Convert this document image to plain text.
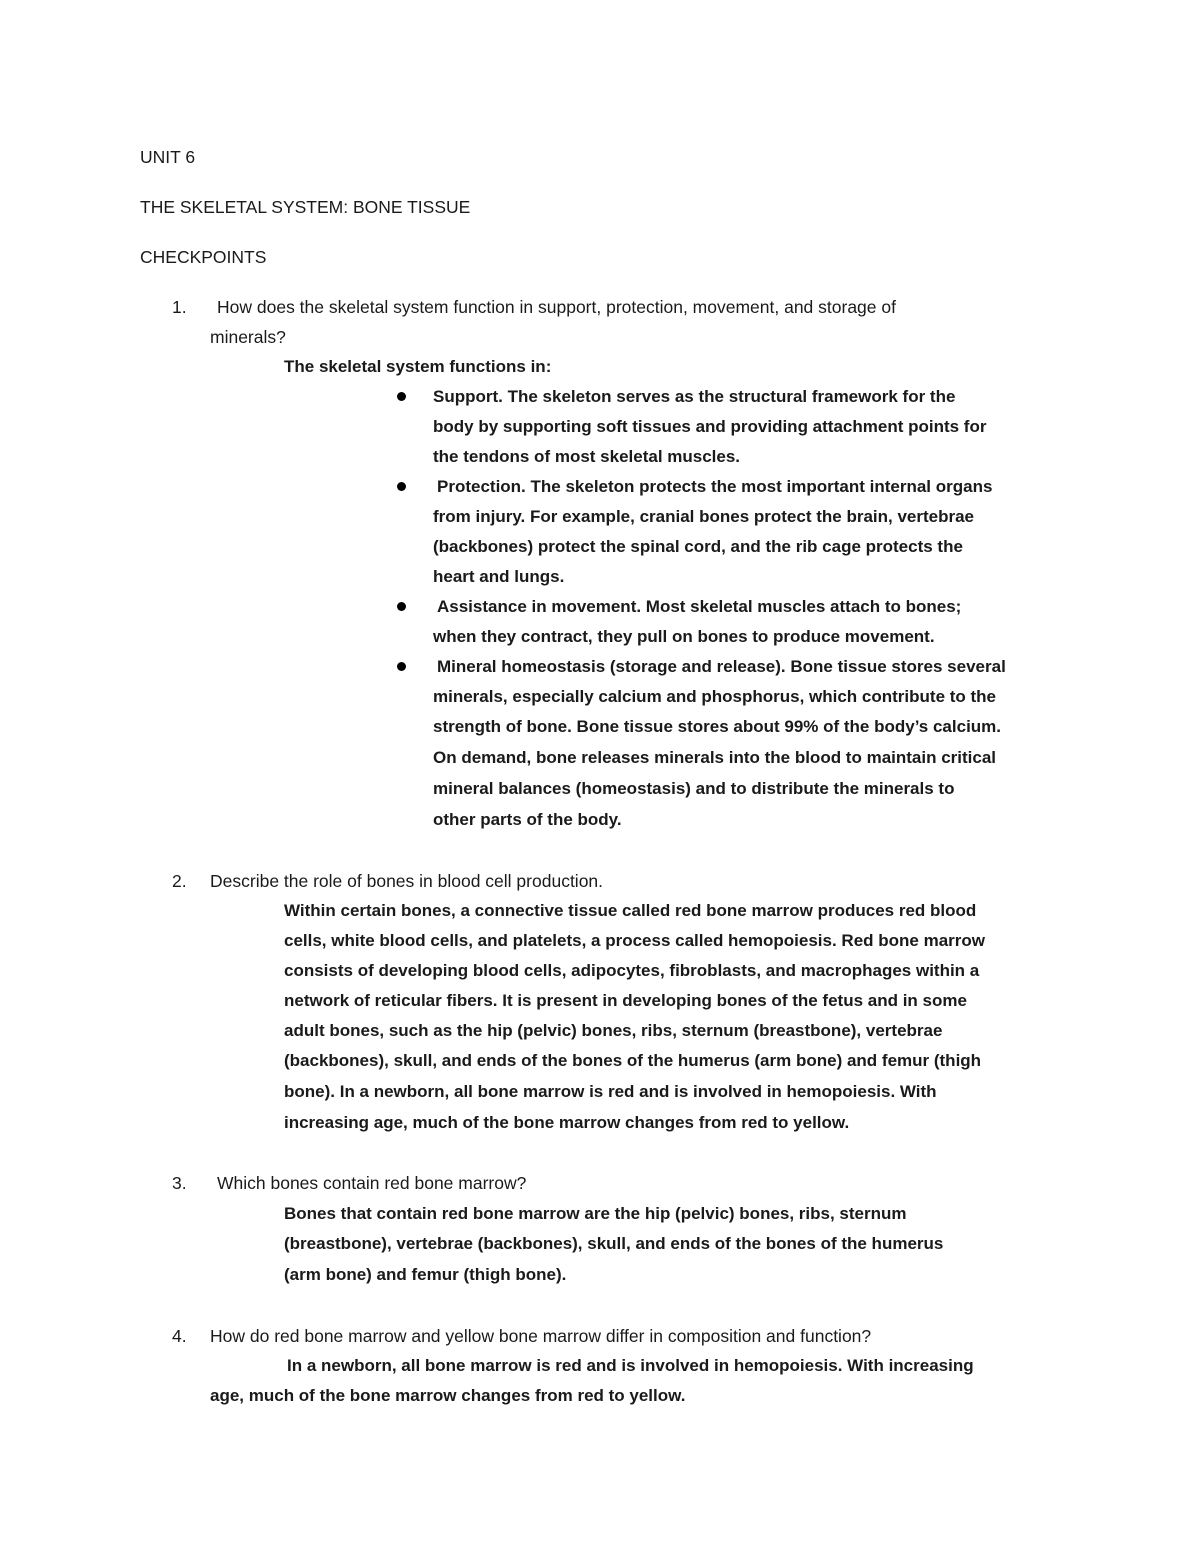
UNIT 6
THE SKELETAL SYSTEM: BONE TISSUE
CHECKPOINTS
1. How does the skeletal system function in support, protection, movement, and storage of
minerals?
The skeletal system functions in:
Support. The skeleton serves as the structural framework for the
body by supporting soft tissues and providing attachment points for
the tendons of most skeletal muscles.
Protection. The skeleton protects the most important internal organs
from injury. For example, cranial bones protect the brain, vertebrae
(backbones) protect the spinal cord, and the rib cage protects the
heart and lungs.
Assistance in movement. Most skeletal muscles attach to bones;
when they contract, they pull on bones to produce movement.
Mineral homeostasis (storage and release). Bone tissue stores several
minerals, especially calcium and phosphorus, which contribute to the
strength of bone. Bone tissue stores about 99% of the body’s calcium.
On demand, bone releases minerals into the blood to maintain critical
mineral balances (homeostasis) and to distribute the minerals to
other parts of the body.
2. Describe the role of bones in blood cell production.
Within certain bones, a connective tissue called red bone marrow produces red blood
cells, white blood cells, and platelets, a process called hemopoiesis. Red bone marrow
consists of developing blood cells, adipocytes, fibroblasts, and macrophages within a
network of reticular fibers. It is present in developing bones of the fetus and in some
adult bones, such as the hip (pelvic) bones, ribs, sternum (breastbone), vertebrae
(backbones), skull, and ends of the bones of the humerus (arm bone) and femur (thigh
bone). In a newborn, all bone marrow is red and is involved in hemopoiesis. With
increasing age, much of the bone marrow changes from red to yellow.
3. Which bones contain red bone marrow?
Bones that contain red bone marrow are the hip (pelvic) bones, ribs, sternum
(breastbone), vertebrae (backbones), skull, and ends of the bones of the humerus
(arm bone) and femur (thigh bone).
4. How do red bone marrow and yellow bone marrow differ in composition and function?
In a newborn, all bone marrow is red and is involved in hemopoiesis. With increasing
age, much of the bone marrow changes from red to yellow.
